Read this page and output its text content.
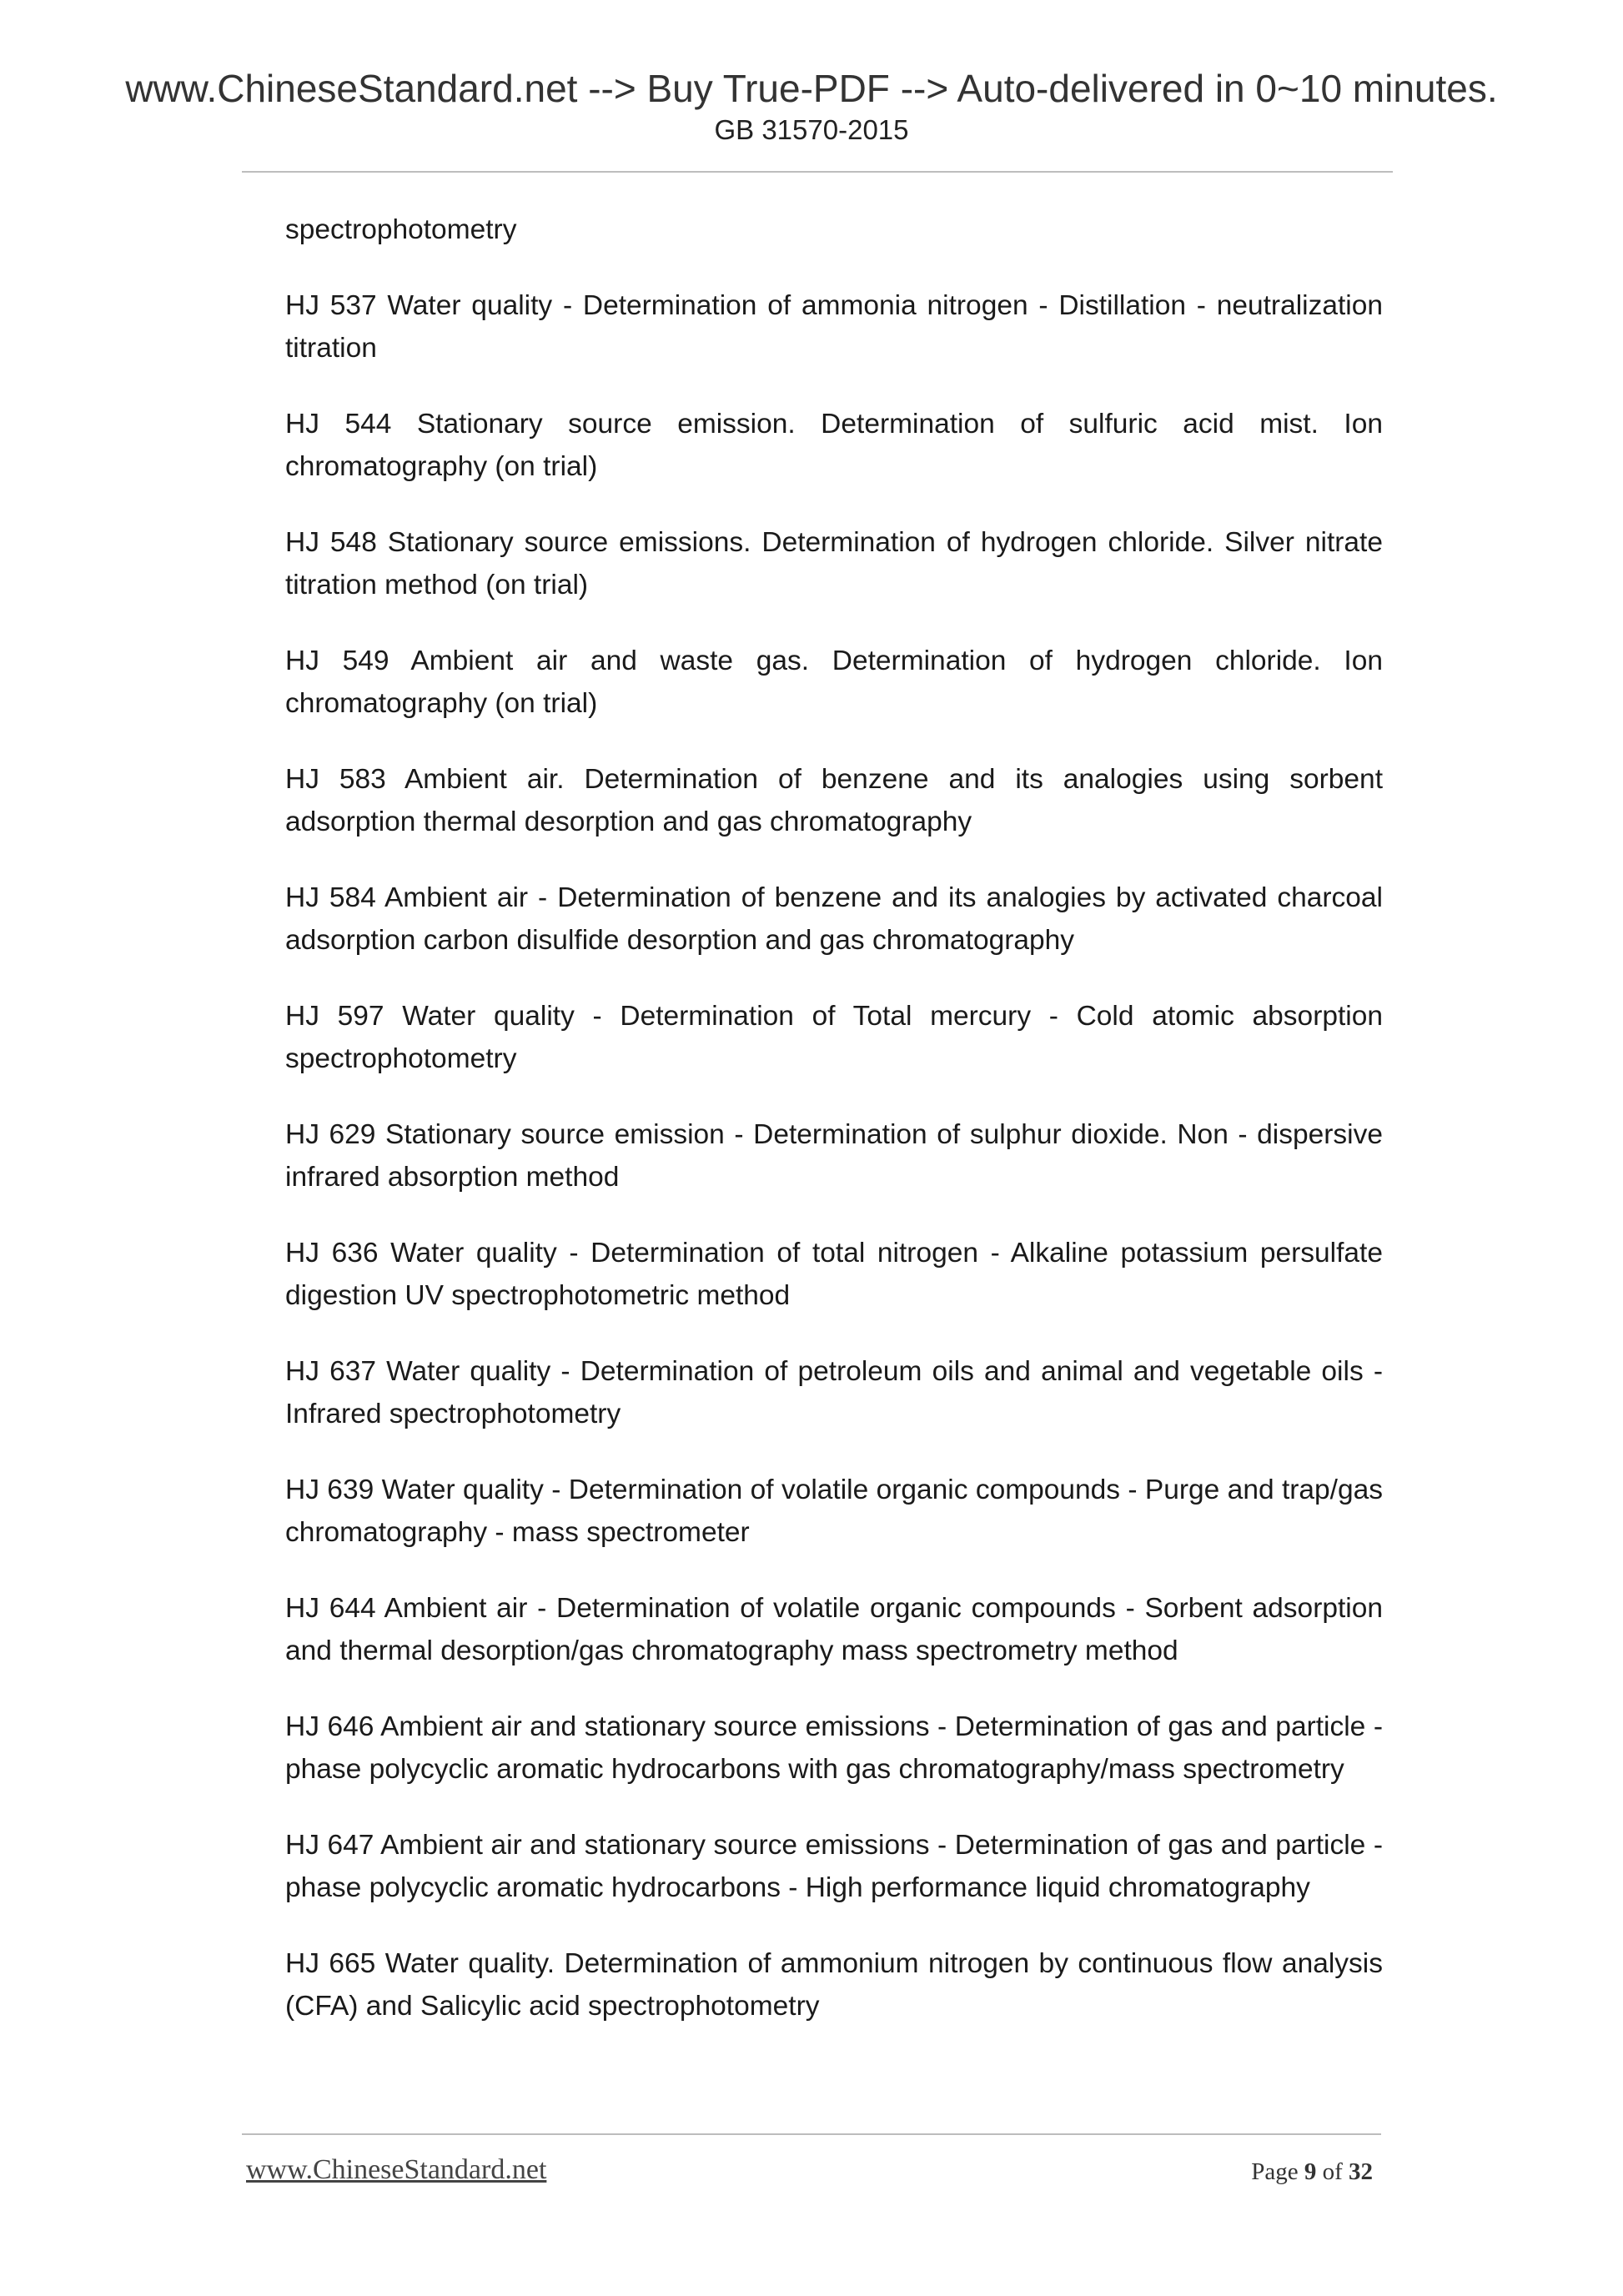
www.ChineseStandard.net --> Buy True-PDF --> Auto-delivered in 0~10 minutes.
GB 31570-2015

spectrophotometry

HJ 537 Water quality - Determination of ammonia nitrogen - Distillation - neutralization titration

HJ 544 Stationary source emission. Determination of sulfuric acid mist. Ion chromatography (on trial)

HJ 548 Stationary source emissions. Determination of hydrogen chloride. Silver nitrate titration method (on trial)

HJ 549 Ambient air and waste gas. Determination of hydrogen chloride. Ion chromatography (on trial)

HJ 583 Ambient air. Determination of benzene and its analogies using sorbent adsorption thermal desorption and gas chromatography

HJ 584 Ambient air - Determination of benzene and its analogies by activated charcoal adsorption carbon disulfide desorption and gas chromatography

HJ 597 Water quality - Determination of Total mercury - Cold atomic absorption spectrophotometry

HJ 629 Stationary source emission - Determination of sulphur dioxide. Non - dispersive infrared absorption method

HJ 636 Water quality - Determination of total nitrogen - Alkaline potassium persulfate digestion UV spectrophotometric method

HJ 637 Water quality - Determination of petroleum oils and animal and vegetable oils - Infrared spectrophotometry

HJ 639 Water quality - Determination of volatile organic compounds - Purge and trap/gas chromatography - mass spectrometer

HJ 644 Ambient air - Determination of volatile organic compounds - Sorbent adsorption and thermal desorption/gas chromatography mass spectrometry method

HJ 646 Ambient air and stationary source emissions - Determination of gas and particle - phase polycyclic aromatic hydrocarbons with gas chromatography/mass spectrometry

HJ 647 Ambient air and stationary source emissions - Determination of gas and particle - phase polycyclic aromatic hydrocarbons - High performance liquid chromatography

HJ 665 Water quality. Determination of ammonium nitrogen by continuous flow analysis (CFA) and Salicylic acid spectrophotometry

www.ChineseStandard.net	Page 9 of 32
